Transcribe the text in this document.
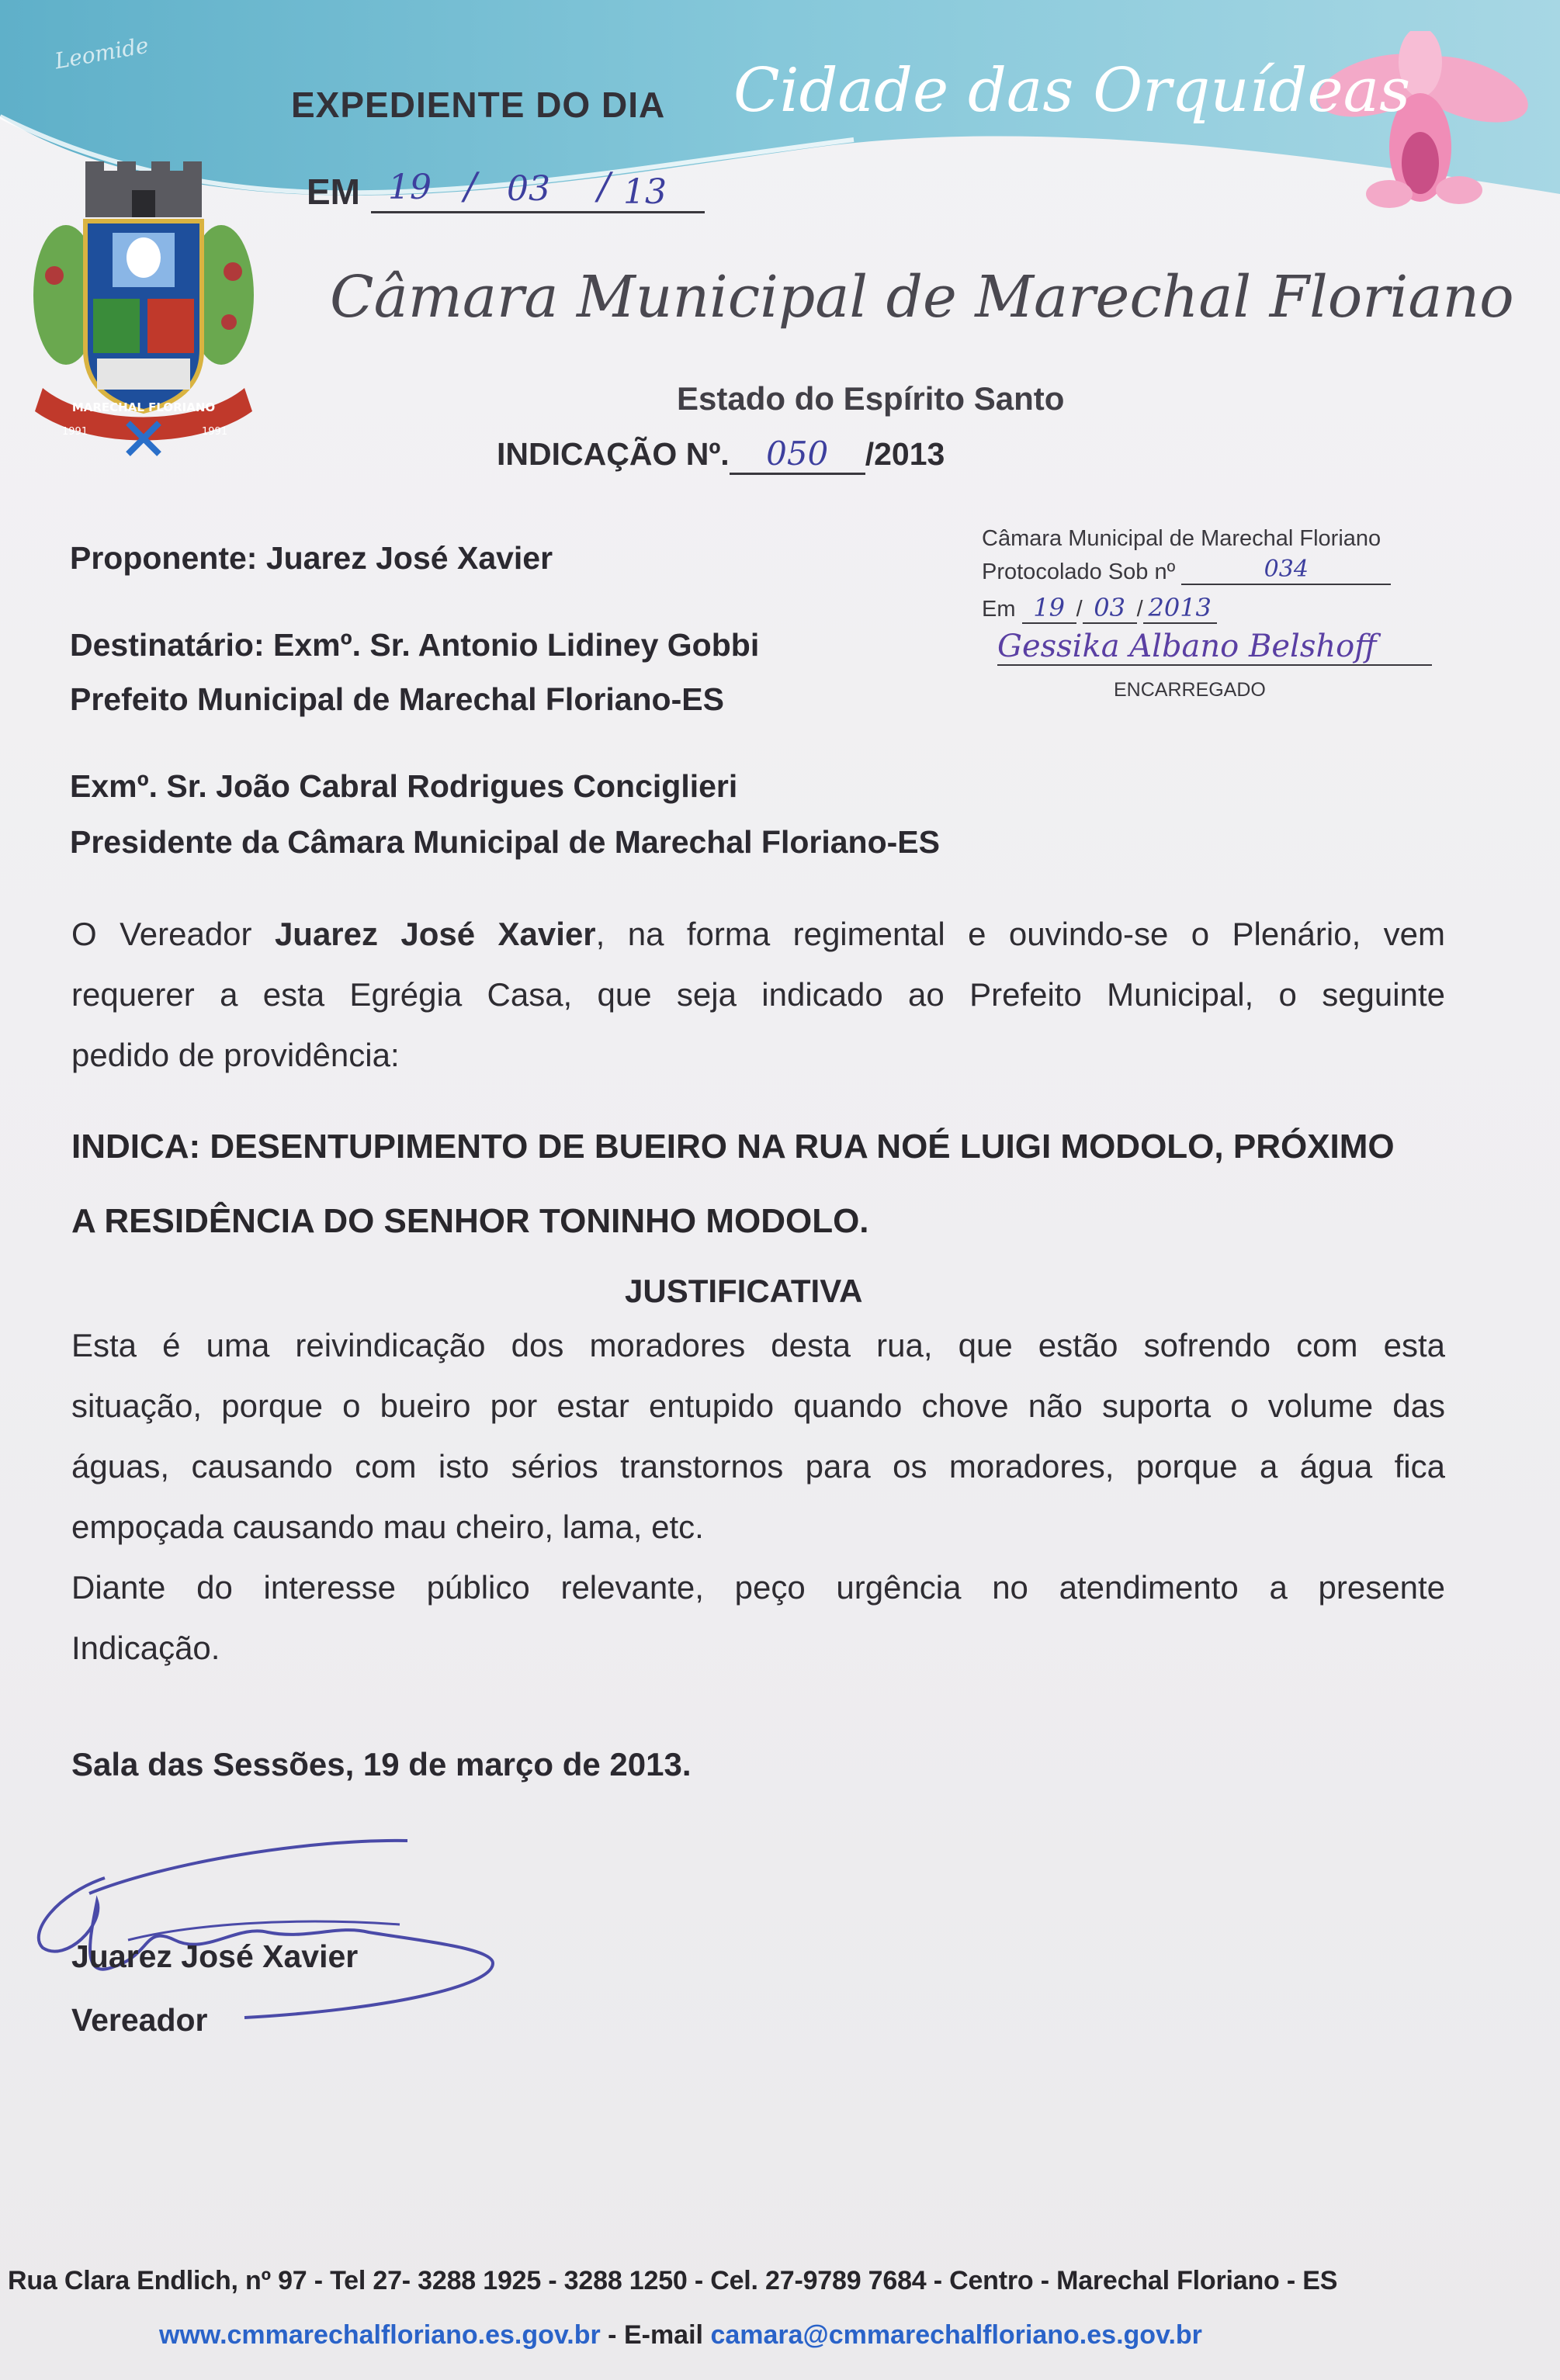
Leomide
EXPEDIENTE DO DIA Cidade das Orquídeas
EM 19 / 03 / 13
MARECHAL FLORIANO
1991	1991
Câmara Municipal de Marechal Floriano
Estado do Espírito Santo
INDICAÇÃO Nº. 050 /2013
Câmara Municipal de Marechal Floriano
Protocolado Sob nº	034
Em 19 / 03 / 2013
Gessika Albano Belshoff
ENCARREGADO
Proponente: Juarez José Xavier
Destinatário: Exmº. Sr. Antonio Lidiney Gobbi
Prefeito Municipal de Marechal Floriano-ES
Exmº. Sr. João Cabral Rodrigues Conciglieri
Presidente da Câmara Municipal de Marechal Floriano-ES
O Vereador Juarez José Xavier, na forma regimental e ouvindo-se o Plenário, vem
requerer a esta Egrégia Casa, que seja indicado ao Prefeito Municipal, o seguinte
pedido de providência:
INDICA: DESENTUPIMENTO DE BUEIRO NA RUA NOÉ LUIGI MODOLO, PRÓXIMO
A RESIDÊNCIA DO SENHOR TONINHO MODOLO.
JUSTIFICATIVA
Esta é uma reivindicação dos moradores desta rua, que estão sofrendo com esta
situação, porque o bueiro por estar entupido quando chove não suporta o volume das
águas, causando com isto sérios transtornos para os moradores, porque a água fica
empoçada causando mau cheiro, lama, etc.
Diante do interesse público relevante, peço urgência no atendimento a presente
Indicação.
Sala das Sessões, 19 de março de 2013.
Juarez José Xavier
Vereador
Rua Clara Endlich, nº 97 - Tel 27- 3288 1925 - 3288 1250 - Cel. 27-9789 7684 - Centro - Marechal Floriano - ES
www.cmmarechalfloriano.es.gov.br - E-mail camara@cmmarechalfloriano.es.gov.br
